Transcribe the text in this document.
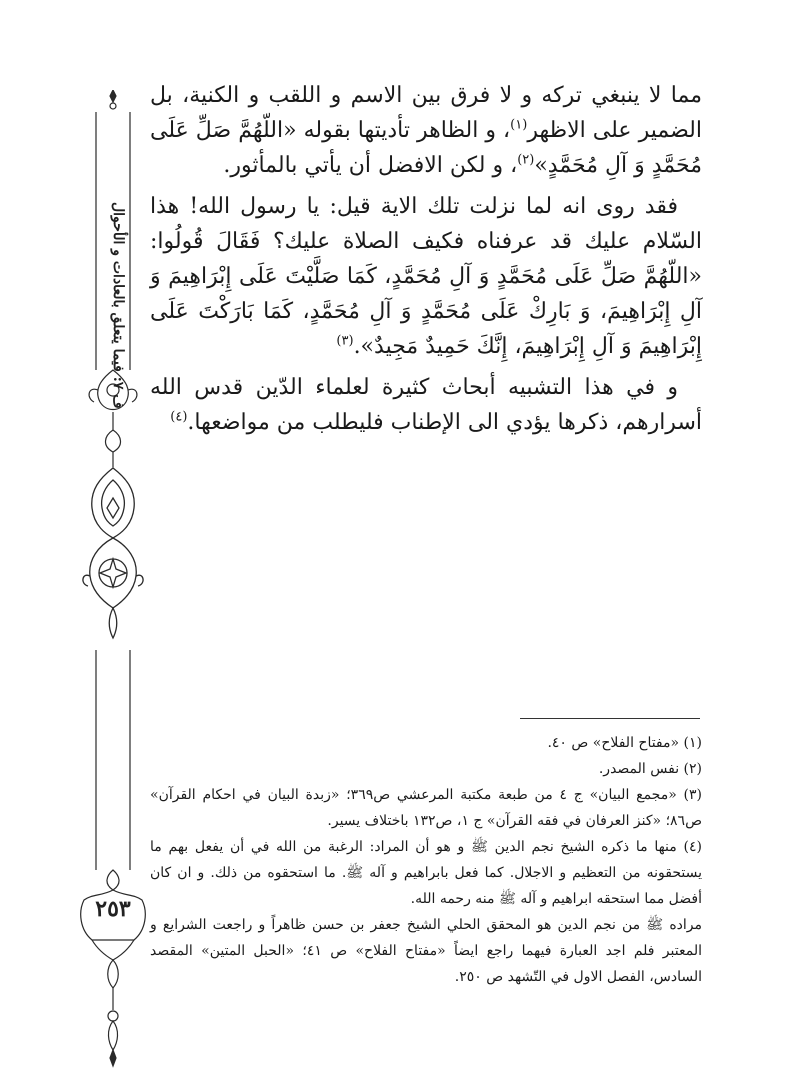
ف ٧: فيما يتعلق بالعادات و الأحوال
٢٥٣

مما لا ينبغي تركه و لا فرق بين الاسم و اللقب و الكنية، بل الضمير على الاظهر$^{(١)}$، و الظاهر تأديتها بقوله «اللّهُمَّ صَلِّ عَلَى مُحَمَّدٍ وَ آلِ مُحَمَّدٍ»$^{(٢)}$، و لكن الافضل أن يأتي بالمأثور.

فقد روى انه لما نزلت تلك الاية قيل: يا رسول الله! هذا السّلام عليك قد عرفناه فكيف الصلاة عليك؟ فَقَالَ قُولُوا: «اللّهُمَّ صَلِّ عَلَى مُحَمَّدٍ وَ آلِ مُحَمَّدٍ، كَمَا صَلَّيْتَ عَلَى إِبْرَاهِيمَ وَ آلِ إِبْرَاهِيمَ، وَ بَارِكْ عَلَى مُحَمَّدٍ وَ آلِ مُحَمَّدٍ، كَمَا بَارَكْتَ عَلَى إِبْرَاهِيمَ وَ آلِ إِبْرَاهِيمَ، إِنَّكَ حَمِيدٌ مَجِيدٌ».$^{(٣)}$

و في هذا التشبيه أبحاث كثيرة لعلماء الدّين قدس الله أسرارهم، ذكرها يؤدي الى الإطناب فليطلب من مواضعها.$^{(٤)}$

(١) «مفتاح الفلاح» ص ٤٠.

(٢) نفس المصدر.

(٣) «مجمع البيان» ج ٤ من طبعة مكتبة المرعشي ص٣٦٩؛ «زبدة البيان في احكام القرآن» ص٨٦؛ «كنز العرفان في فقه القرآن» ج ١، ص١٣٢ باختلاف يسير.

(٤) منها ما ذكره الشيخ نجم الدين ﷺ و هو أن المراد: الرغبة من الله في أن يفعل بهم ما يستحقونه من التعظيم و الاجلال. كما فعل بابراهيم و آله ﷺ. ما استحقوه من ذلك. و ان كان أفضل مما استحقه ابراهيم و آله ﷺ منه رحمه الله.

مراده ﷺ من نجم الدين هو المحقق الحلي الشيخ جعفر بن حسن ظاهراً و راجعت الشرايع و المعتبر فلم اجد العبارة فيهما راجع ايضاً «مفتاح الفلاح» ص ٤١؛ «الحبل المتين» المقصد السادس، الفصل الاول في التّشهد ص ٢٥٠.
